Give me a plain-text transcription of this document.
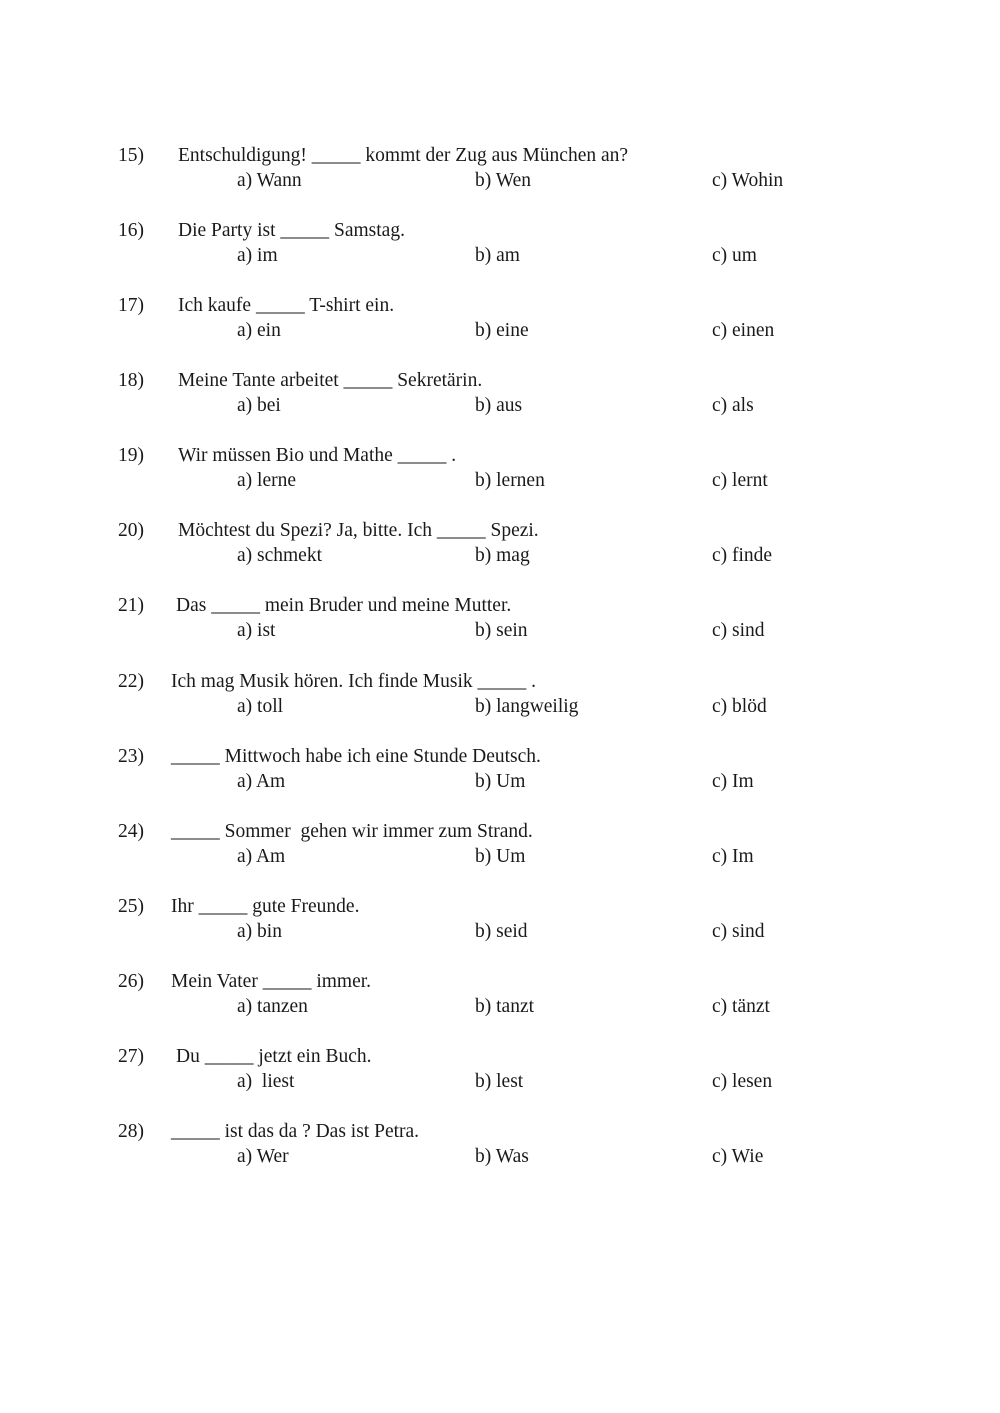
15) Entschuldigung! _____ kommt der Zug aus München an?
a) Wann	b) Wen	c) Wohin
16) Die Party ist _____ Samstag.
a) im	b) am	c) um
17) Ich kaufe _____ T-shirt ein.
a) ein	b) eine	c) einen
18) Meine Tante arbeitet _____ Sekretärin.
a) bei	b) aus	c) als
19) Wir müssen Bio und Mathe _____ .
a) lerne	b) lernen	c) lernt
20) Möchtest du Spezi? Ja, bitte. Ich _____ Spezi.
a) schmekt	b) mag	c) finde
21) Das _____ mein Bruder und meine Mutter.
a) ist	b) sein	c) sind
22) Ich mag Musik hören. Ich finde Musik _____ .
a) toll	b) langweilig	c) blöd
23) _____ Mittwoch habe ich eine Stunde Deutsch.
a) Am	b) Um	c) Im
24) _____ Sommer  gehen wir immer zum Strand.
a) Am	b) Um	c) Im
25) Ihr _____ gute Freunde.
a) bin	b) seid	c) sind
26) Mein Vater _____ immer.
a) tanzen	b) tanzt	c) tänzt
27) Du _____ jetzt ein Buch.
a)  liest	b) lest	c) lesen
28) _____ ist das da ? Das ist Petra.
a) Wer	b) Was	c) Wie
